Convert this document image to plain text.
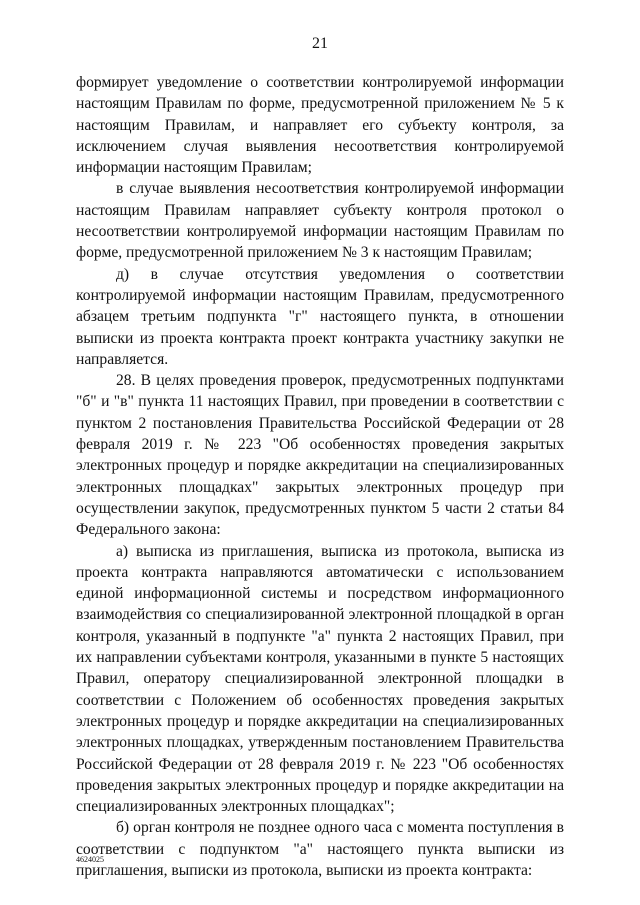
21

формирует уведомление о соответствии контролируемой информации настоящим Правилам по форме, предусмотренной приложением № 5 к настоящим Правилам, и направляет его субъекту контроля, за исключением случая выявления несоответствия контролируемой информации настоящим Правилам;

в случае выявления несоответствия контролируемой информации настоящим Правилам направляет субъекту контроля протокол о несоответствии контролируемой информации настоящим Правилам по форме, предусмотренной приложением № 3 к настоящим Правилам;

д) в случае отсутствия уведомления о соответствии контролируемой информации настоящим Правилам, предусмотренного абзацем третьим подпункта "г" настоящего пункта, в отношении выписки из проекта контракта проект контракта участнику закупки не направляется.

28. В целях проведения проверок, предусмотренных подпунктами "б" и "в" пункта 11 настоящих Правил, при проведении в соответствии с пунктом 2 постановления Правительства Российской Федерации от 28 февраля 2019 г. № 223 "Об особенностях проведения закрытых электронных процедур и порядке аккредитации на специализированных электронных площадках" закрытых электронных процедур при осуществлении закупок, предусмотренных пунктом 5 части 2 статьи 84 Федерального закона:

а) выписка из приглашения, выписка из протокола, выписка из проекта контракта направляются автоматически с использованием единой информационной системы и посредством информационного взаимодействия со специализированной электронной площадкой в орган контроля, указанный в подпункте "а" пункта 2 настоящих Правил, при их направлении субъектами контроля, указанными в пункте 5 настоящих Правил, оператору специализированной электронной площадки в соответствии с Положением об особенностях проведения закрытых электронных процедур и порядке аккредитации на специализированных электронных площадках, утвержденным постановлением Правительства Российской Федерации от 28 февраля 2019 г. № 223 "Об особенностях проведения закрытых электронных процедур и порядке аккредитации на специализированных электронных площадках";

б) орган контроля не позднее одного часа с момента поступления в соответствии с подпунктом "а" настоящего пункта выписки из приглашения, выписки из протокола, выписки из проекта контракта:

4624025
